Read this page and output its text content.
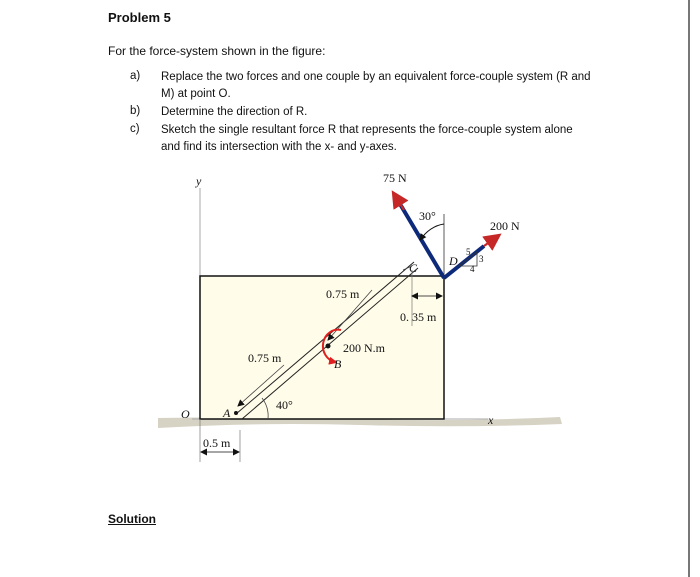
Problem 5
For the force-system shown in the figure:
a) Replace the two forces and one couple by an equivalent force-couple system (R and
M) at point O.
b) Determine the direction of R.
c) Sketch the single resultant force R that represents the force-couple system alone
and find its intersection with the x- and y-axes.
x
y
40°
0.75 m
0.75 m
A
O
200 N.m
B
C
0. 35 m
75 N
30°
200 N
D
5
3
4
0.5 m
Solution
